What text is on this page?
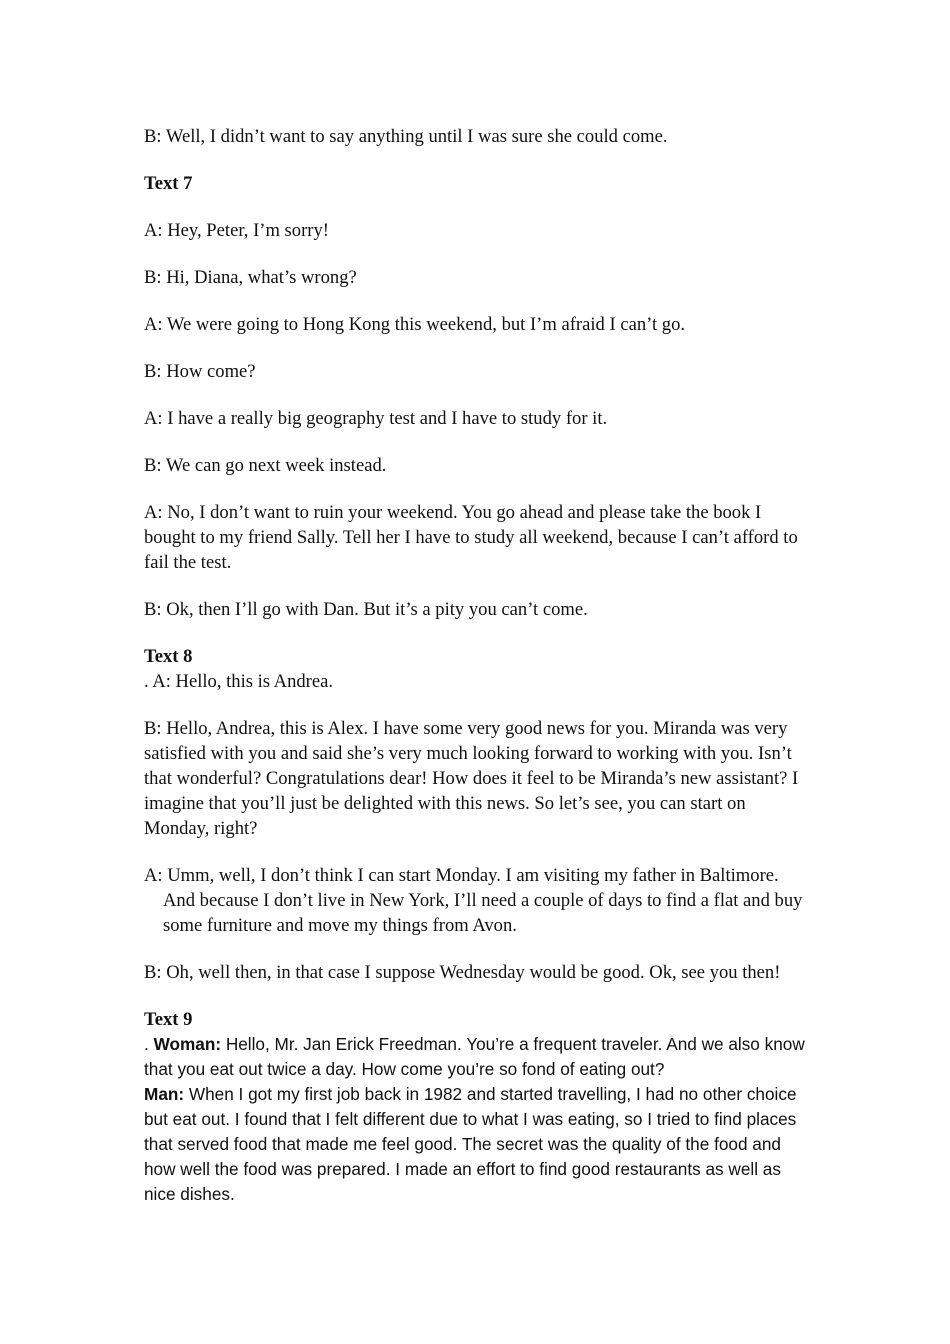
B: Well, I didn’t want to say anything until I was sure she could come.

Text 7

A: Hey, Peter, I’m sorry!

B: Hi, Diana, what’s wrong?

A: We were going to Hong Kong this weekend, but I’m afraid I can’t go.

B: How come?

A: I have a really big geography test and I have to study for it.

B: We can go next week instead.

A: No, I don’t want to ruin your weekend. You go ahead and please take the book I bought to my friend Sally. Tell her I have to study all weekend, because I can’t afford to fail the test.

B: Ok, then I’ll go with Dan. But it’s a pity you can’t come.

Text 8

. A: Hello, this is Andrea.

B: Hello, Andrea, this is Alex. I have some very good news for you. Miranda was very satisfied with you and said she’s very much looking forward to working with you. Isn’t that wonderful? Congratulations dear! How does it feel to be Miranda’s new assistant? I imagine that you’ll just be delighted with this news. So let’s see, you can start on Monday, right?

A: Umm, well, I don’t think I can start Monday. I am visiting my father in Baltimore. And because I don’t live in New York, I’ll need a couple of days to find a flat and buy some furniture and move my things from Avon.

B: Oh, well then, in that case I suppose Wednesday would be good. Ok, see you then!

Text 9

. Woman: Hello, Mr. Jan Erick Freedman. You’re a frequent traveler. And we also know that you eat out twice a day. How come you’re so fond of eating out?

Man: When I got my first job back in 1982 and started travelling, I had no other choice but eat out. I found that I felt different due to what I was eating, so I tried to find places that served food that made me feel good. The secret was the quality of the food and how well the food was prepared. I made an effort to find good restaurants as well as nice dishes.
